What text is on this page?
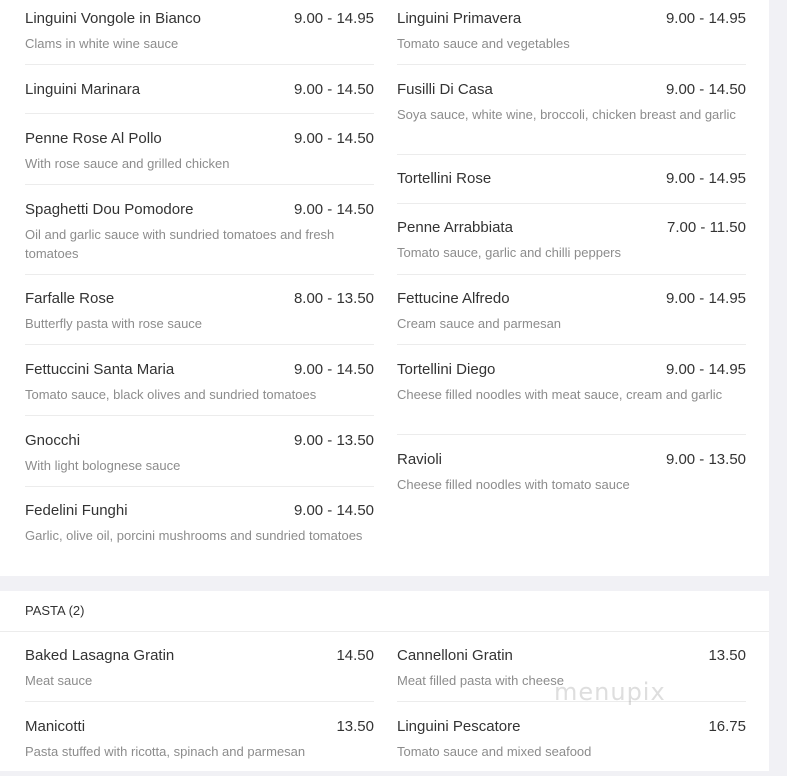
Linguini Vongole in Bianco	9.00 - 14.95
Clams in white wine sauce
Linguini Marinara	9.00 - 14.50
Penne Rose Al Pollo	9.00 - 14.50
With rose sauce and grilled chicken
Spaghetti Dou Pomodore	9.00 - 14.50
Oil and garlic sauce with sundried tomatoes and fresh tomatoes
Farfalle Rose	8.00 - 13.50
Butterfly pasta with rose sauce
Fettuccini Santa Maria	9.00 - 14.50
Tomato sauce, black olives and sundried tomatoes
Gnocchi	9.00 - 13.50
With light bolognese sauce
Fedelini Funghi	9.00 - 14.50
Garlic, olive oil, porcini mushrooms and sundried tomatoes
Linguini Primavera	9.00 - 14.95
Tomato sauce and vegetables
Fusilli Di Casa	9.00 - 14.50
Soya sauce, white wine, broccoli, chicken breast and garlic
Tortellini Rose	9.00 - 14.95
Penne Arrabbiata	7.00 - 11.50
Tomato sauce, garlic and chilli peppers
Fettucine Alfredo	9.00 - 14.95
Cream sauce and parmesan
Tortellini Diego	9.00 - 14.95
Cheese filled noodles with meat sauce, cream and garlic
Ravioli	9.00 - 13.50
Cheese filled noodles with tomato sauce
PASTA (2)
Baked Lasagna Gratin	14.50
Meat sauce
Manicotti	13.50
Pasta stuffed with ricotta, spinach and parmesan
Cannelloni Gratin	13.50
Meat filled pasta with cheese
Linguini Pescatore	16.75
Tomato sauce and mixed seafood
menupix
